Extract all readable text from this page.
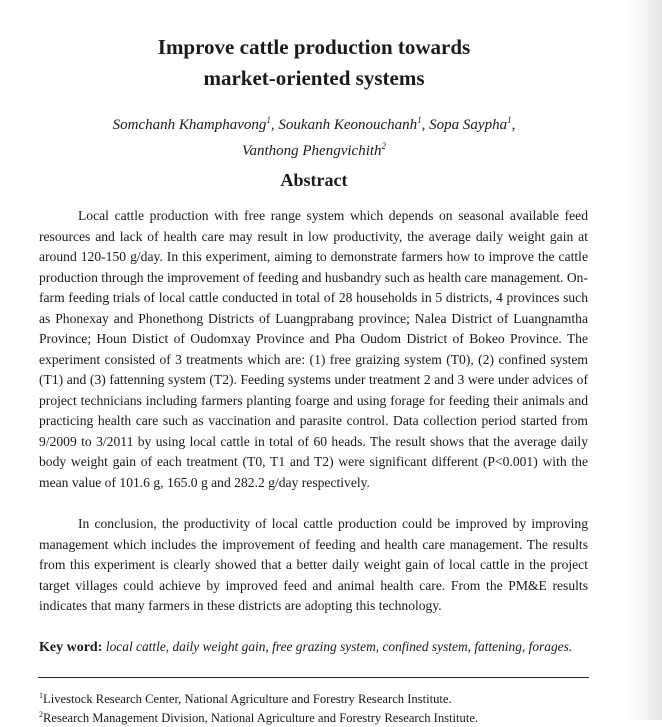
Improve cattle production towards
market-oriented systems
Somchanh Khamphavong$^1$, Soukanh Keonouchanh$^1$, Sopa Saypha$^1$,
Vanthong Phengvichith$^2$
Abstract

Local cattle production with free range system which depends on seasonal available feed resources and lack of health care may result in low productivity, the average daily weight gain at around 120-150 g/day. In this experiment, aiming to demonstrate farmers how to improve the cattle production through the improvement of feeding and husbandry such as health care management. On-farm feeding trials of local cattle conducted in total of 28 households in 5 districts, 4 provinces such as Phonexay and Phonethong Districts of Luangprabang province; Nalea District of Luangnamtha Province; Houn Distict of Oudomxay Province and Pha Oudom District of Bokeo Province. The experiment consisted of 3 treatments which are: (1) free graizing system (T0), (2) confined system (T1) and (3) fattenning system (T2). Feeding systems under treatment 2 and 3 were under advices of project technicians including farmers planting foarge and using forage for feeding their animals and practicing health care such as vaccination and parasite control. Data collection period started from 9/2009 to 3/2011 by using local cattle in total of 60 heads. The result shows that the average daily body weight gain of each treatment (T0, T1 and T2) were significant different (P<0.001) with the mean value of 101.6 g, 165.0 g and 282.2 g/day respectively.

In conclusion, the productivity of local cattle production could be improved by improving management which includes the improvement of feeding and health care management. The results from this experiment is clearly showed that a better daily weight gain of local cattle in the project target villages could achieve by improved feed and animal health care. From the PM&E results indicates that many farmers in these districts are adopting this technology.

Key word: local cattle, daily weight gain, free grazing system, confined system, fattening, forages.
$^1$Livestock Research Center, National Agriculture and Forestry Research Institute.
$^2$Research Management Division, National Agriculture and Forestry Research Institute.
